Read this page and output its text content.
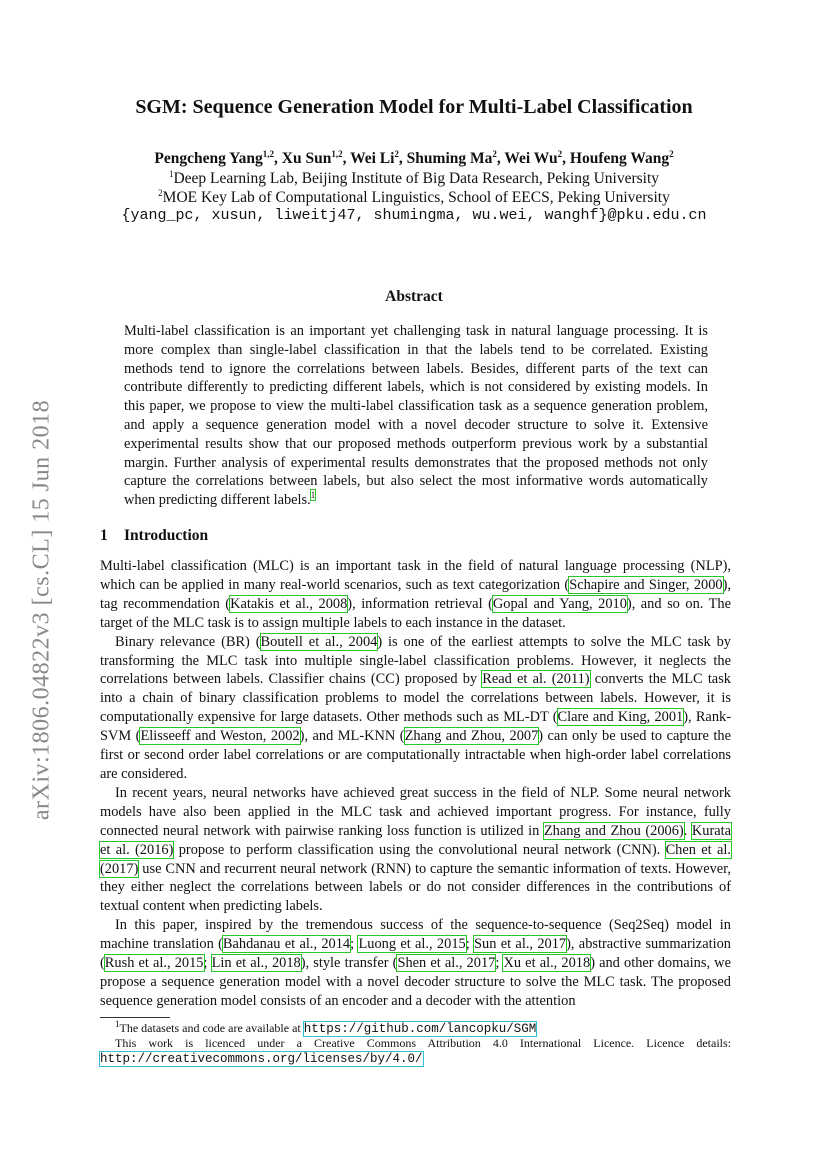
arXiv:1806.04822v3 [cs.CL] 15 Jun 2018
SGM: Sequence Generation Model for Multi-Label Classification
Pengcheng Yang$^{1,2}$, Xu Sun$^{1,2}$, Wei Li$^2$, Shuming Ma$^2$, Wei Wu$^2$, Houfeng Wang$^2$
$^1$Deep Learning Lab, Beijing Institute of Big Data Research, Peking University
$^2$MOE Key Lab of Computational Linguistics, School of EECS, Peking University
{yang_pc, xusun, liweitj47, shumingma, wu.wei, wanghf}@pku.edu.cn
Abstract
Multi-label classification is an important yet challenging task in natural language processing. It is more complex than single-label classification in that the labels tend to be correlated. Existing methods tend to ignore the correlations between labels. Besides, different parts of the text can contribute differently to predicting different labels, which is not considered by existing models. In this paper, we propose to view the multi-label classification task as a sequence generation problem, and apply a sequence generation model with a novel decoder structure to solve it. Extensive experimental results show that our proposed methods outperform previous work by a substantial margin. Further analysis of experimental results demonstrates that the proposed methods not only capture the correlations between labels, but also select the most informative words automatically when predicting different labels.$^1$
1 Introduction

Multi-label classification (MLC) is an important task in the field of natural language processing (NLP), which can be applied in many real-world scenarios, such as text categorization (Schapire and Singer, 2000), tag recommendation (Katakis et al., 2008), information retrieval (Gopal and Yang, 2010), and so on. The target of the MLC task is to assign multiple labels to each instance in the dataset.

Binary relevance (BR) (Boutell et al., 2004) is one of the earliest attempts to solve the MLC task by transforming the MLC task into multiple single-label classification problems. However, it neglects the correlations between labels. Classifier chains (CC) proposed by Read et al. (2011) converts the MLC task into a chain of binary classification problems to model the correlations between labels. However, it is computationally expensive for large datasets. Other methods such as ML-DT (Clare and King, 2001), Rank-SVM (Elisseeff and Weston, 2002), and ML-KNN (Zhang and Zhou, 2007) can only be used to capture the first or second order label correlations or are computationally intractable when high-order label correlations are considered.

In recent years, neural networks have achieved great success in the field of NLP. Some neural network models have also been applied in the MLC task and achieved important progress. For instance, fully connected neural network with pairwise ranking loss function is utilized in Zhang and Zhou (2006). Kurata et al. (2016) propose to perform classification using the convolutional neural network (CNN). Chen et al. (2017) use CNN and recurrent neural network (RNN) to capture the semantic information of texts. However, they either neglect the correlations between labels or do not consider differences in the contributions of textual content when predicting labels.

In this paper, inspired by the tremendous success of the sequence-to-sequence (Seq2Seq) model in machine translation (Bahdanau et al., 2014; Luong et al., 2015; Sun et al., 2017), abstractive summarization (Rush et al., 2015; Lin et al., 2018), style transfer (Shen et al., 2017; Xu et al., 2018) and other domains, we propose a sequence generation model with a novel decoder structure to solve the MLC task. The proposed sequence generation model consists of an encoder and a decoder with the attention

$^1$The datasets and code are available at https://github.com/lancopku/SGM
This work is licenced under a Creative Commons Attribution 4.0 International Licence. Licence details: http://creativecommons.org/licenses/by/4.0/
